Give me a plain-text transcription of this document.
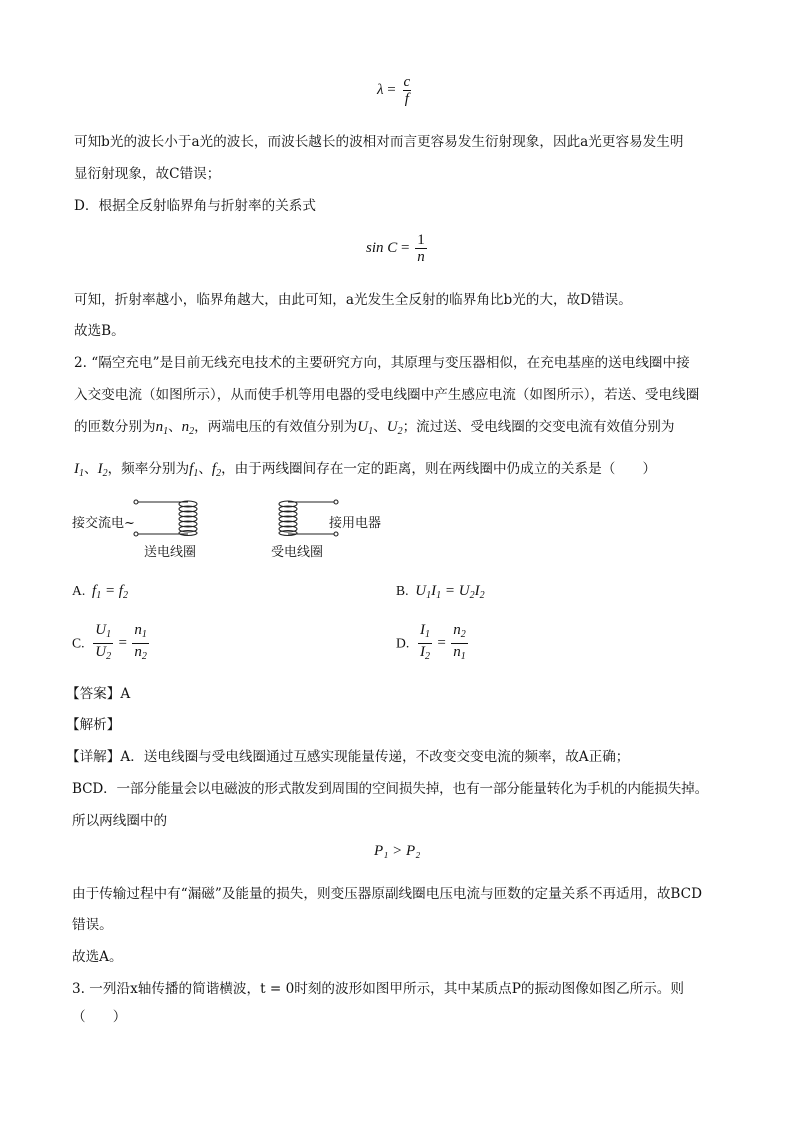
$\lambda = \frac{c}{f}$
可知b光的波长小于a光的波长，而波长越长的波相对而言更容易发生衍射现象，因此a光更容易发生明
显衍射现象，故C错误；
D．根据全反射临界角与折射率的关系式
$\sin C = \frac{1}{n}$
可知，折射率越小，临界角越大，由此可知，a光发生全反射的临界角比b光的大，故D错误。
故选B。
2. “隔空充电”是目前无线充电技术的主要研究方向，其原理与变压器相似，在充电基座的送电线圈中接
入交变电流（如图所示），从而使手机等用电器的受电线圈中产生感应电流（如图所示），若送、受电线圈
的匝数分别为$n_1$、$n_2$，两端电压的有效值分别为$U_1$、$U_2$；流过送、受电线圈的交变电流有效值分别为
$I_1$、$I_2$，频率分别为$f_1$、$f_2$，由于两线圈间存在一定的距离，则在两线圈中仍成立的关系是（　　）
接交流电~
送电线圈
接用电器
受电线圈
A. $f_1 = f_2$	B. $U_1I_1 = U_2I_2$
C. $\frac{U_1}{U_2} = \frac{n_1}{n_2}$	D. $\frac{I_1}{I_2} = \frac{n_2}{n_1}$
【答案】A
【解析】
【详解】A．送电线圈与受电线圈通过互感实现能量传递，不改变交变电流的频率，故A正确；
BCD．一部分能量会以电磁波的形式散发到周围的空间损失掉，也有一部分能量转化为手机的内能损失掉。
所以两线圈中的
P₁ > P₂
由于传输过程中有“漏磁”及能量的损失，则变压器原副线圈电压电流与匝数的定量关系不再适用，故BCD
错误。
故选A。
3. 一列沿x轴传播的简谐横波，t = 0时刻的波形如图甲所示，其中某质点P的振动图像如图乙所示。则
（　　）
